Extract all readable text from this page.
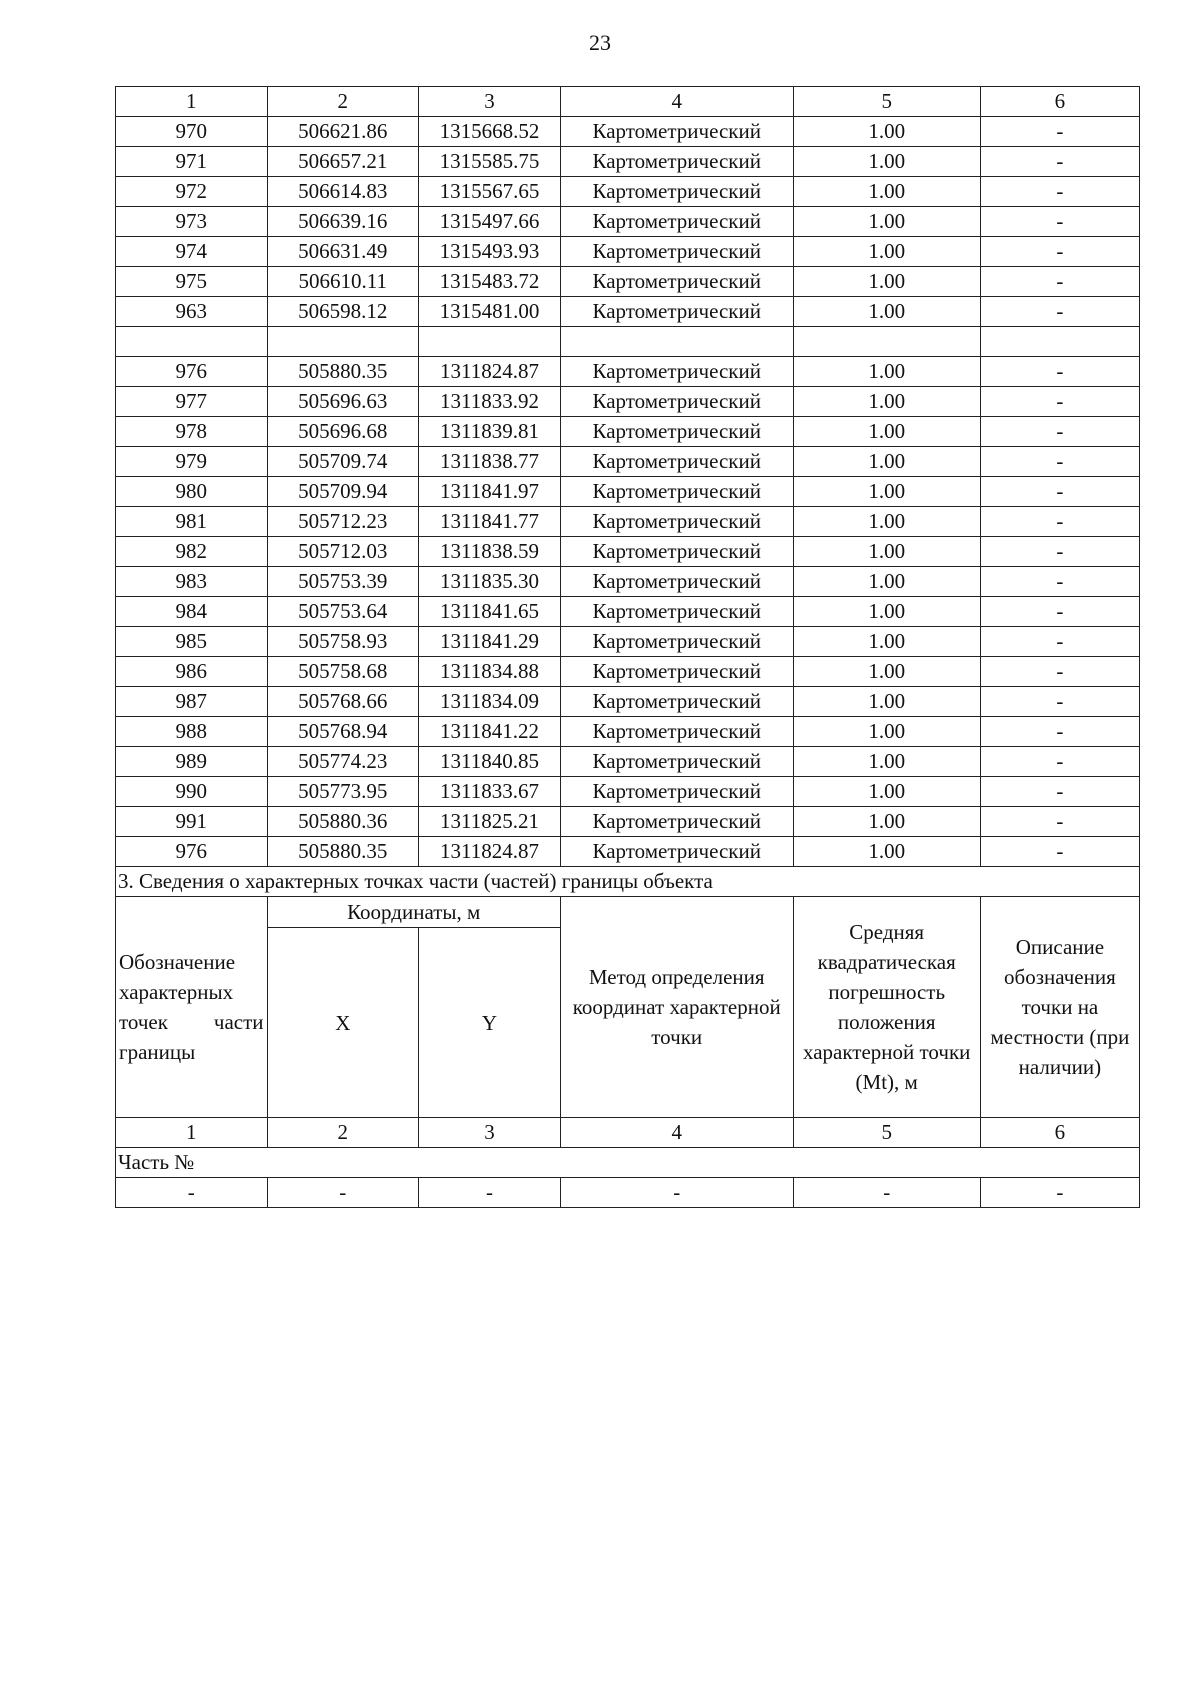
23
1	2	3	4	5	6
970	506621.86	1315668.52	Картометрический	1.00	-
971	506657.21	1315585.75	Картометрический	1.00	-
972	506614.83	1315567.65	Картометрический	1.00	-
973	506639.16	1315497.66	Картометрический	1.00	-
974	506631.49	1315493.93	Картометрический	1.00	-
975	506610.11	1315483.72	Картометрический	1.00	-
963	506598.12	1315481.00	Картометрический	1.00	-

976	505880.35	1311824.87	Картометрический	1.00	-
977	505696.63	1311833.92	Картометрический	1.00	-
978	505696.68	1311839.81	Картометрический	1.00	-
979	505709.74	1311838.77	Картометрический	1.00	-
980	505709.94	1311841.97	Картометрический	1.00	-
981	505712.23	1311841.77	Картометрический	1.00	-
982	505712.03	1311838.59	Картометрический	1.00	-
983	505753.39	1311835.30	Картометрический	1.00	-
984	505753.64	1311841.65	Картометрический	1.00	-
985	505758.93	1311841.29	Картометрический	1.00	-
986	505758.68	1311834.88	Картометрический	1.00	-
987	505768.66	1311834.09	Картометрический	1.00	-
988	505768.94	1311841.22	Картометрический	1.00	-
989	505774.23	1311840.85	Картометрический	1.00	-
990	505773.95	1311833.67	Картометрический	1.00	-
991	505880.36	1311825.21	Картометрический	1.00	-
976	505880.35	1311824.87	Картометрический	1.00	-
3. Сведения о характерных точках части (частей) границы объекта					
Обозначение характерных точек части границы	Координаты, м		Метод определения координат характерной точки	Средняя квадратическая погрешность положения характерной точки (Mt), м	Описание обозначения точки на местности (при наличии)
	X	Y			
1	2	3	4	5	6
Часть №					
-	-	-	-	-	-
